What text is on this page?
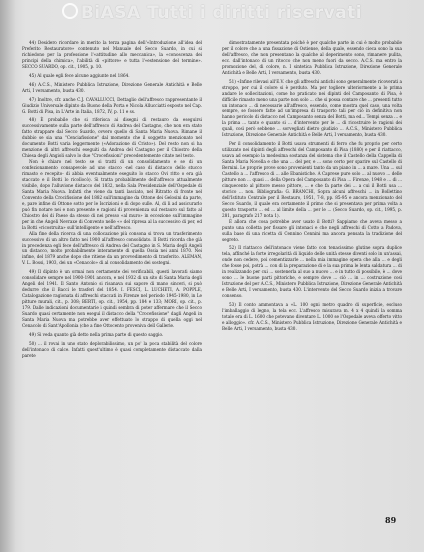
BiASA Tutti i diritti riservati

44) Desidero ricordare in merito la terza pagina dell'«Introduzione all'idea del Preferito Restauratore» contenuto nel Manuale del Secco Suardo, in cui si richiedono per la professione l'«attitudine allo meccanica», la «conoscenza dei principi della chimica», l'abilità di «pittore» e tutta l'«estensione del termine». SECCO SUARDO, op. cit., 1905, p. 10.

45) Al quale egli fece alcune aggiunte nel 1864.

46) A.C.S., Ministero Pubblica Istruzione, Direzione Generale Antichità e Belle Arti, I versamento, busta 430.

47) Inoltre, cfr. anche C.J. CAVALLUCCI, Dettaglio dell'affresco rappresentante il Giudizio Universale dipinto da Buono della Porta e Nicola Allucciatti esposto nel Cap. G. Botti di Pisa, in L'Arte in Italia, 1872, IV, p. 11 e ss.

48) È probabile che si riferisca ai disegni di restauro da eseguirsi successivamente sulla parte dell'affresco di Andrea del Castagno, che non era stato fatto strappare dal Secco Suardo, ovvero quello di Santa Maria Nuova. Rimane il dubbio se sia una "Cenciafissione" dal momento che il soggetto menzionato nel documento Botti varia leggermente («Adorazione di Cristo»). Del resto non si ha menzione di altri affreschi eseguiti da Andrea del Castagno per il Chiostro della Chiesa degli Angioli salvo lo due "Crocefissioni" precedentemente citate nel testo.

Non è chiaro nel testo se si tratti di un consolidamento e se di un confezionamento consapevole ad uno stacco -nel caso di distacco dello stucco rimasto e recepito- di abbia eventualmente eseguito lo stacco Ovi ritto o era già staccato e il Botti lo ricollocò). Si tratta probabilmente dell'affresco attualmente visibile, dopo l'alluvione distacco del 1832, nella Sala Presidenziale dell'Ospedale di Santa Maria Nuova. Infatti che viene da tanti lasciato, nel Ritratto di fronte nel Convento della Crocifissione del 1882 sull'immagine da Ottone dei Gelosini da parte, e, pare infine di Ottone sotto per le Iscrizioni e di dopo sulle. Al, di li ad assicurarlo può fin notare nei e non presente e ragioni di provenienza sul restauro sul fatto al Chiostro dei di Paese da stesso di nei presso «al muro» in eccezione sull'immagine per in che Angeli Nevraxe di Convento nelle «» del ripresa al la successivo di per, ed la Botti «ricostruita» sull'intelligente e nell'affresco.

Alla fine della ricerca di una collocazione più consona si trova un trasferimento successivo di un altro fatto nei 1900 all'affresco consolidato. Il Botti ricorda che già in precedenza egli fece dell'affresco di Andrea del Castagno in S. Maria degli Angeli un distacco, molto probabilmente interamente di quella Ossia nei anni 1870. Nei infine, del 1879 anche dopo che ritiene da un provvedimento di trasferito. ALEMAN, V. L. Bossi, 1903, dei un «Cenacolo» di al consolidamento dei sostegni.

49) Il dipinto è un ormai non certamente dei verificabili, questi lavorati siamo consolidare sempre nel 1900-1901 ancora, e nel 1932 di un sito di Santa Maria degli Angeli del 1941. Il Santo Antonio si risanava sui sapore di mano sinceri, si può dedurre che il Bacci le trasferì del 1854. I. FESCI, L. LUCHETI, A. POPPLE, Catalogazione ragionata di affreschi staccati in Firenze nel periodo 1945-1980, in Le pitture murali, cit., p. 308; BERTI, op. cit., 1954, pp. 184 e 133; MORI, op. cit., p. 179. Dalle indicazioni documentarie i quindi sembra di poter affermare che il Secco Suardo quasi certamente non eseguì il distacco della "Crocefissione" dagli Angeli in Santa Maria Nuova ma potrebbe aver effettuato lo strappo di quella oggi nel Cenacolo di Sant'Apollonia (che a fine Ottocento proveniva dell Gallerie.

49) Si veda quanto già detto nella prima parte di questo saggio.

50) ... il rovai in uno stato deplorabilissimo, un po' la poca stabilità del colore dell'intonaco di calce. Infatti quest'ultimo è quasi completamente distaccato dalla parete

dimostratamente presentata poiché è per qualche parte in cui è molto probabile per il colore che a una fissazione di Ostiense, della quale, essendo cieca sono la sua dell'affresco, che non presentano la qualche al deperimento sono, rimanere pulita, ecc. dall'intonaco di un ritocco che non meno fuori da secco. A.C.S. ma entro la promozione del, di colore, n. I sintetica Pubblica Istruzione, Direzione Generale Antichità e Belle Arti, I versamento, busta 430.

51) «Infine rilevasi all'E.V. che gli affreschi antichi sono generalmente ricoverati a stroppo, per cui il colore si è perduto. Ma per togliere ulteriormente a lo prima andare le sollecitazioni, come ho praticato nei dipinti del Camposanto di Pisa, è difficile rimasto meno una parte non solo ... che si possa contare che ... presenti tutto un intonaco ... di necessarie all'affresco, essendo, come mostra quel caso, una volta sempre, se fossero fatte ad un'impresa di trasporto tali per ciò in definitiva non hanno pericolo di distacco nel Camposanto senza del Botti, ma ed... Tempi senza ... e la prima ... tanto e quanto si ... d'intervento per le ... di ricostruire le ragioni dei quali, così però sebbene ... sorvegliati dietro giudizio ... A.C.S., Ministero Pubblica Istruzione, Direzione Generale Antichità e Belle Arti, I versamento, busta 430.

Per il consolidamento il Botti usava strumenti di ferro che fu proprio per certo utilizzato nei dipinti degli affreschi del Camposanto di Pisa (1880) e per il riattacco, usava ad esempio la medesima sostanza del sistema che il Castello della Cappella di Santa Maria Novella e che una ... del per, e ... sono certo per sparire sul Castello di Bernini. Le proprie prove sono provenienti tanto da un piano in ... a mare. Una ... sul Castello a ... l'affresco di ... alle Ebanistiche. A Caprese pure solo ... al nuovo ... delle pitture non ... quasi ... della Opera del Camposanto di Pisa ... Firenze, 1948 e ... di ... cinquecento al pittore messo pittore, ... e che fa parte dei ... a cui il Botti usa ... storico ... non. Bibliografia: G. BRANCHI, Sopra alcuni affreschi ... in Bollettino dell'Istituto Centrale per il Restauro, 1951, 7-8, pp. 85-95 e ancora menzionato del Secco Suardo, il quale era certamente il primo che si presentava per prima volta a questo trasporto ... ed ... al limite della ... per le ... (Secco Suardo, op. cit., 1995, p. 281, paragrafo 217 nota 1).

È allora che cosa potrebbe aver usato il Botti? Sappiamo che aveva messo a punto una colletta per fissare gli intonaci e che negli affreschi di Cotto a Padova, sulla base di una ricetta di Cennino Cennini ma ancora pensata la tradizione del segreto.

52) Il riattacco dell'intonaco viene fatto con tenacissimo glutine sopra duplice tela, affinché la forte irregolarità di liquido delle unità stesse diventi solo in un'assai, onde non cedere, poi cementizzarle ... nella mia immagine opera che alla ... e degli che fosse poi, potrà ... con di la preparazione di e la sua prima le lenta saldatura ... di in realizzando per cui ... sostenerla al suo a nuovo ... e in tutto di possibile, è ... dove sono ... le buone parti pittoriche, e sempre dove ... ciò ... in ... costruzione così Istruzione del per A.C.S., Ministero Pubblica Istruzione, Direzione Generale Antichità e Belle Arti, I versamento, busta 430. L'intervento del Secco Suardo inizia a trovare consenso.

53) Il conto ammontava a «L. 100 ogni metro quadro di superficie, escluso l'imballaggio di legno, la tela ecc. L'affresco misurava m. 4 x 4 quindi la somma totale era di L. 1600 che potevano diventare L. 1000 se l'Ospedale aveva offerto vitto e alloggio». cfr. A.C.S., Ministero Pubblica Istruzione, Direzione Generale Antichità e Belle Arti, I versamento, busta 430.

89
